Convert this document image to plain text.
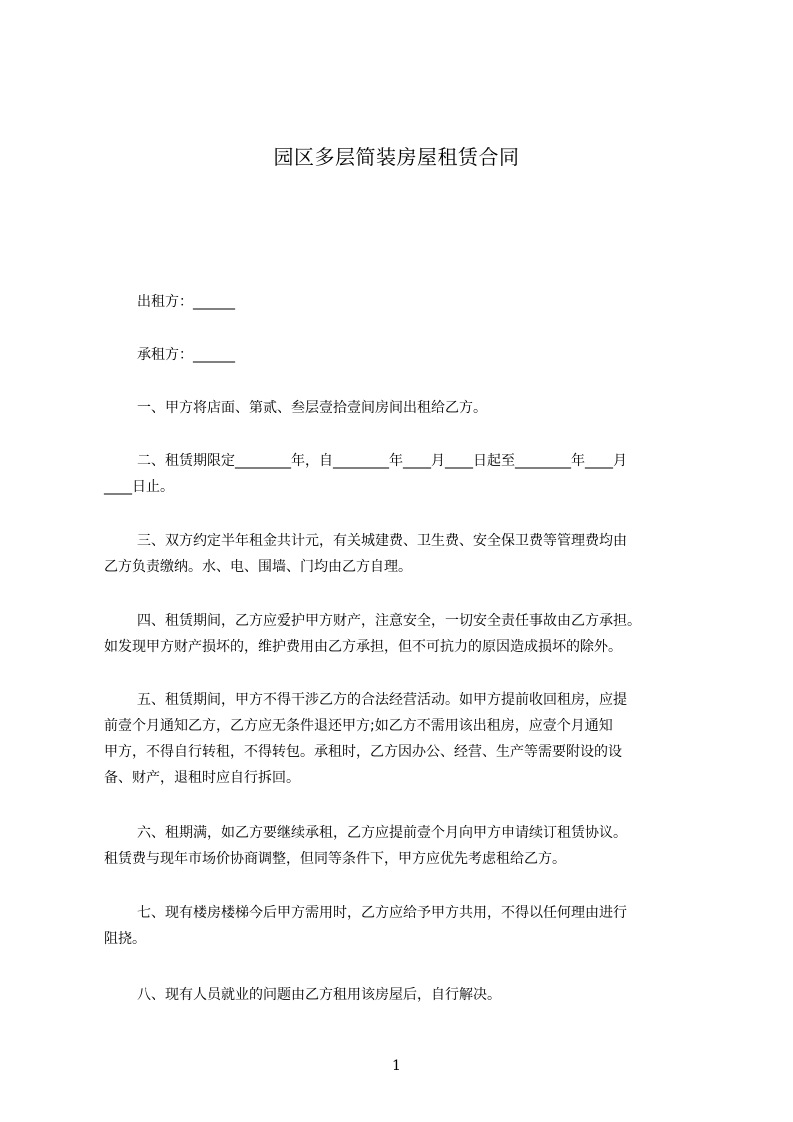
园区多层简装房屋租赁合同
出租方：______
承租方：______
一、甲方将店面、第贰、叁层壹拾壹间房间出租给乙方。
二、租赁期限定________年，自________年____月____日起至________年____月
____日止。
三、双方约定半年租金共计元，有关城建费、卫生费、安全保卫费等管理费均由
乙方负责缴纳。水、电、围墙、门均由乙方自理。
四、租赁期间，乙方应爱护甲方财产，注意安全，一切安全责任事故由乙方承担。
如发现甲方财产损坏的，维护费用由乙方承担，但不可抗力的原因造成损坏的除外。
五、租赁期间，甲方不得干涉乙方的合法经营活动。如甲方提前收回租房，应提
前壹个月通知乙方，乙方应无条件退还甲方;如乙方不需用该出租房，应壹个月通知
甲方，不得自行转租，不得转包。承租时，乙方因办公、经营、生产等需要附设的设
备、财产，退租时应自行拆回。
六、租期满，如乙方要继续承租，乙方应提前壹个月向甲方申请续订租赁协议。
租赁费与现年市场价协商调整，但同等条件下，甲方应优先考虑租给乙方。
七、现有楼房楼梯今后甲方需用时，乙方应给予甲方共用，不得以任何理由进行
阻挠。
八、现有人员就业的问题由乙方租用该房屋后，自行解决。
1
